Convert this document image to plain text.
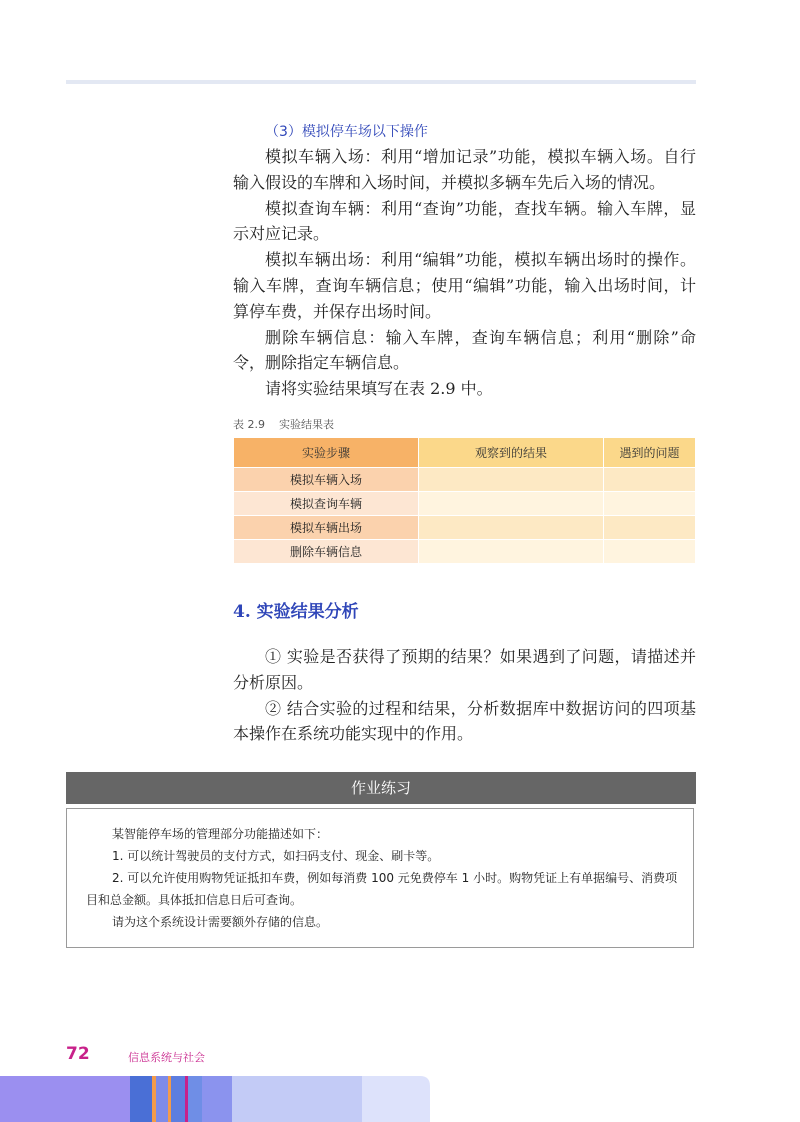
（3）模拟停车场以下操作

模拟车辆入场：利用“增加记录”功能，模拟车辆入场。自行输入假设的车牌和入场时间，并模拟多辆车先后入场的情况。

模拟查询车辆：利用“查询”功能，查找车辆。输入车牌，显示对应记录。

模拟车辆出场：利用“编辑”功能，模拟车辆出场时的操作。输入车牌，查询车辆信息；使用“编辑”功能，输入出场时间，计算停车费，并保存出场时间。

删除车辆信息：输入车牌，查询车辆信息；利用“删除”命令，删除指定车辆信息。

请将实验结果填写在表 2.9 中。

表 2.9 实验结果表
实验步骤	观察到的结果	遇到的问题
模拟车辆入场		
模拟查询车辆		
模拟车辆出场		
删除车辆信息		
4. 实验结果分析

① 实验是否获得了预期的结果？如果遇到了问题，请描述并分析原因。

② 结合实验的过程和结果，分析数据库中数据访问的四项基本操作在系统功能实现中的作用。

作业练习

某智能停车场的管理部分功能描述如下：

1. 可以统计驾驶员的支付方式，如扫码支付、现金、刷卡等。

2. 可以允许使用购物凭证抵扣车费，例如每消费 100 元免费停车 1 小时。购物凭证上有单据编号、消费项目和总金额。具体抵扣信息日后可查询。

请为这个系统设计需要额外存储的信息。

72	信息系统与社会
